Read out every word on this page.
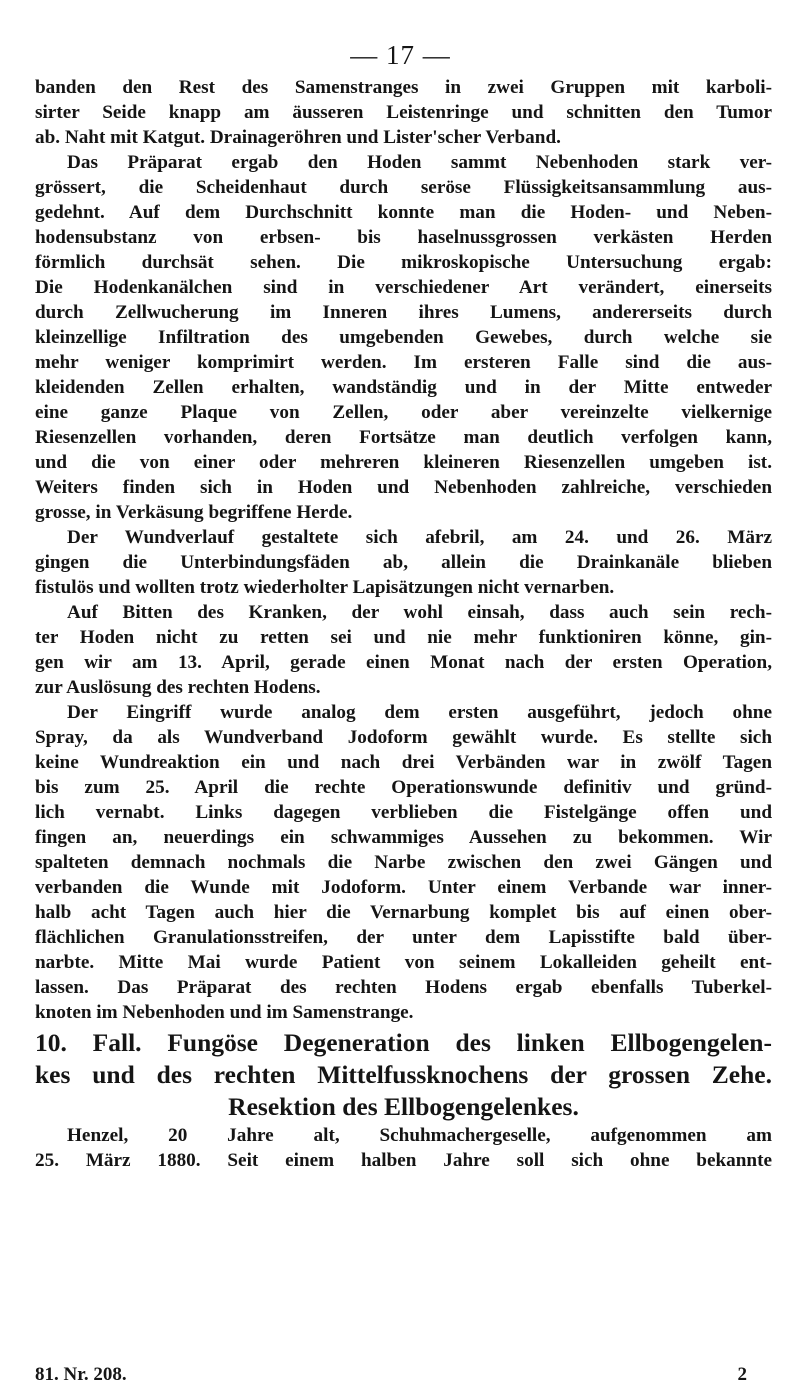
— 17 —
banden den Rest des Samenstranges in zwei Gruppen mit karboli-
sirter Seide knapp am äusseren Leistenringe und schnitten den Tumor
ab. Naht mit Katgut. Drainageröhren und Lister'scher Verband.
Das Präparat ergab den Hoden sammt Nebenhoden stark ver-
grössert, die Scheidenhaut durch seröse Flüssigkeitsansammlung aus-
gedehnt. Auf dem Durchschnitt konnte man die Hoden- und Neben-
hodensubstanz von erbsen- bis haselnussgrossen verkästen Herden
förmlich durchsät sehen. Die mikroskopische Untersuchung ergab:
Die Hodenkanälchen sind in verschiedener Art verändert, einerseits
durch Zellwucherung im Inneren ihres Lumens, andererseits durch
kleinzellige Infiltration des umgebenden Gewebes, durch welche sie
mehr weniger komprimirt werden. Im ersteren Falle sind die aus-
kleidenden Zellen erhalten, wandständig und in der Mitte entweder
eine ganze Plaque von Zellen, oder aber vereinzelte vielkernige
Riesenzellen vorhanden, deren Fortsätze man deutlich verfolgen kann,
und die von einer oder mehreren kleineren Riesenzellen umgeben ist.
Weiters finden sich in Hoden und Nebenhoden zahlreiche, verschieden
grosse, in Verkäsung begriffene Herde.
Der Wundverlauf gestaltete sich afebril, am 24. und 26. März
gingen die Unterbindungsfäden ab, allein die Drainkanäle blieben
fistulös und wollten trotz wiederholter Lapisätzungen nicht vernarben.
Auf Bitten des Kranken, der wohl einsah, dass auch sein rech-
ter Hoden nicht zu retten sei und nie mehr funktioniren könne, gin-
gen wir am 13. April, gerade einen Monat nach der ersten Operation,
zur Auslösung des rechten Hodens.
Der Eingriff wurde analog dem ersten ausgeführt, jedoch ohne
Spray, da als Wundverband Jodoform gewählt wurde. Es stellte sich
keine Wundreaktion ein und nach drei Verbänden war in zwölf Tagen
bis zum 25. April die rechte Operationswunde definitiv und gründ-
lich vernabt. Links dagegen verblieben die Fistelgänge offen und
fingen an, neuerdings ein schwammiges Aussehen zu bekommen. Wir
spalteten demnach nochmals die Narbe zwischen den zwei Gängen und
verbanden die Wunde mit Jodoform. Unter einem Verbande war inner-
halb acht Tagen auch hier die Vernarbung komplet bis auf einen ober-
flächlichen Granulationsstreifen, der unter dem Lapisstifte bald über-
narbte. Mitte Mai wurde Patient von seinem Lokalleiden geheilt ent-
lassen. Das Präparat des rechten Hodens ergab ebenfalls Tuberkel-
knoten im Nebenhoden und im Samenstrange.
10. Fall. Fungöse Degeneration des linken Ellbogengelen-
kes und des rechten Mittelfussknochens der grossen Zehe.
Resektion des Ellbogengelenkes.
Henzel, 20 Jahre alt, Schuhmachergeselle, aufgenommen am
25. März 1880. Seit einem halben Jahre soll sich ohne bekannte
81. Nr. 208.	2
